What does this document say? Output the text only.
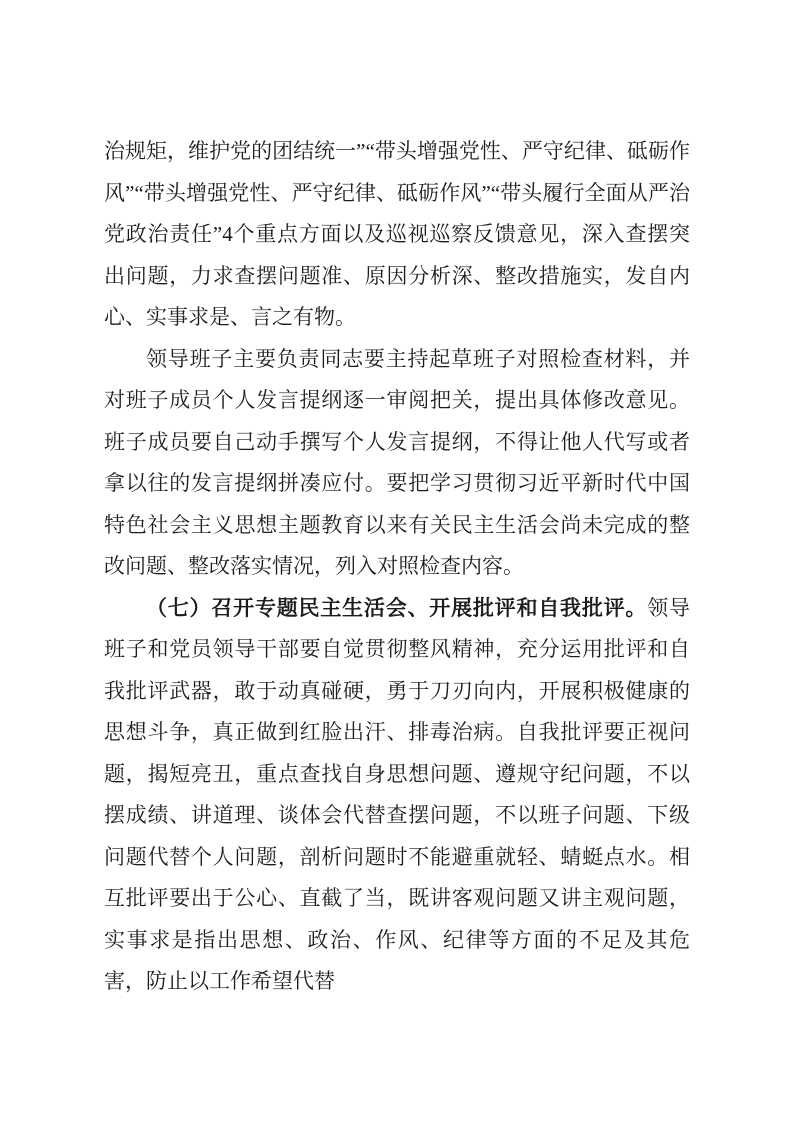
治规矩，维护党的团结统一”“带头增强党性、严守纪律、砥砺作风”“带头增强党性、严守纪律、砥砺作风”“带头履行全面从严治党政治责任”4个重点方面以及巡视巡察反馈意见，深入查摆突出问题，力求查摆问题准、原因分析深、整改措施实，发自内心、实事求是、言之有物。

领导班子主要负责同志要主持起草班子对照检查材料，并对班子成员个人发言提纲逐一审阅把关，提出具体修改意见。班子成员要自己动手撰写个人发言提纲，不得让他人代写或者拿以往的发言提纲拼凑应付。要把学习贯彻习近平新时代中国特色社会主义思想主题教育以来有关民主生活会尚未完成的整改问题、整改落实情况，列入对照检查内容。

（七）召开专题民主生活会、开展批评和自我批评。领导班子和党员领导干部要自觉贯彻整风精神，充分运用批评和自我批评武器，敢于动真碰硬，勇于刀刃向内，开展积极健康的思想斗争，真正做到红脸出汗、排毒治病。自我批评要正视问题，揭短亮丑，重点查找自身思想问题、遵规守纪问题，不以摆成绩、讲道理、谈体会代替查摆问题，不以班子问题、下级问题代替个人问题，剖析问题时不能避重就轻、蜻蜓点水。相互批评要出于公心、直截了当，既讲客观问题又讲主观问题，实事求是指出思想、政治、作风、纪律等方面的不足及其危害，防止以工作希望代替
